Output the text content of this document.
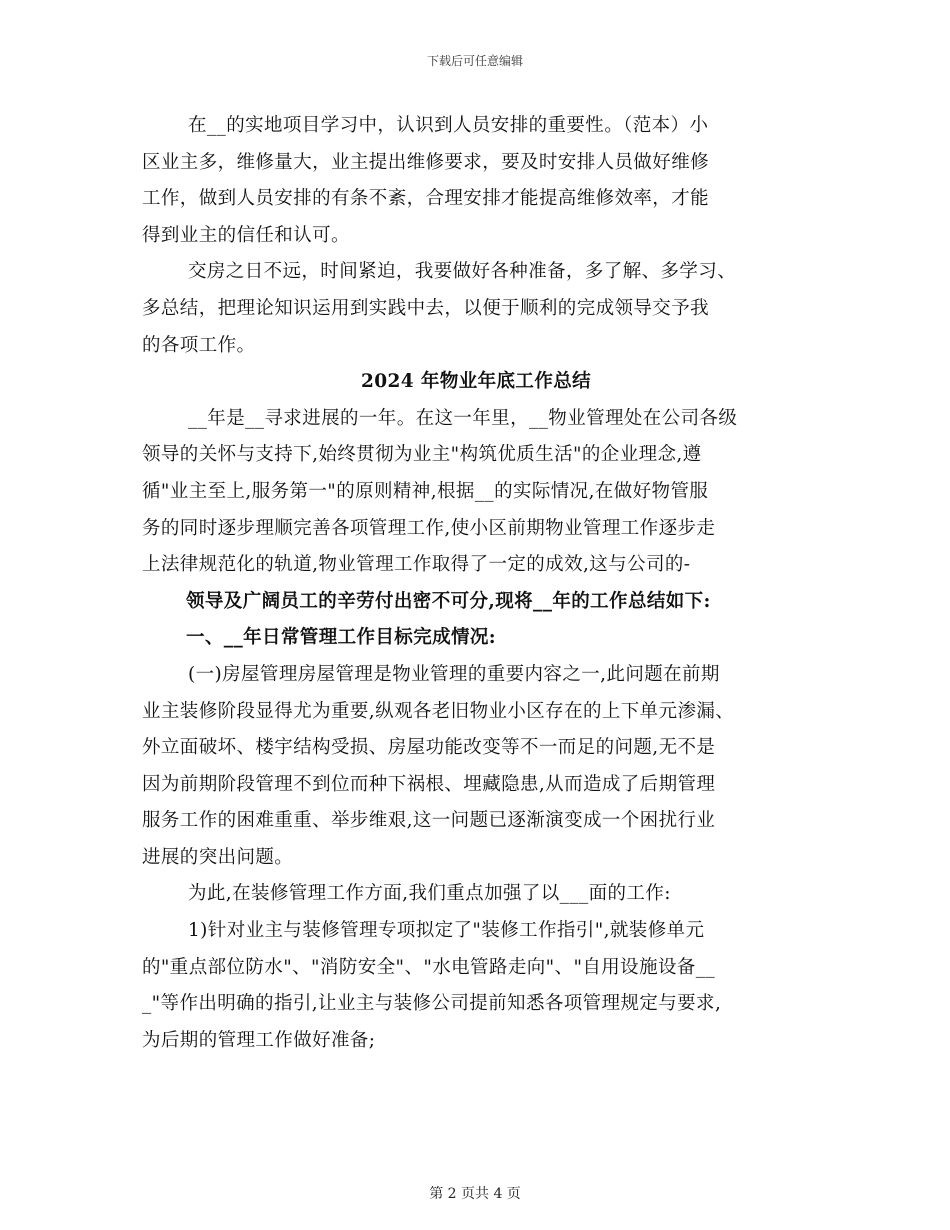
下载后可任意编辑
在__的实地项目学习中，认识到人员安排的重要性。（范本）小
区业主多，维修量大，业主提出维修要求，要及时安排人员做好维修
工作，做到人员安排的有条不紊，合理安排才能提高维修效率，才能
得到业主的信任和认可。
交房之日不远，时间紧迫，我要做好各种准备，多了解、多学习、
多总结，把理论知识运用到实践中去，以便于顺利的完成领导交予我
的各项工作。
2024 年物业年底工作总结
__年是__寻求进展的一年。在这一年里，__物业管理处在公司各级
领导的关怀与支持下,始终贯彻为业主"构筑优质生活"的企业理念,遵
循"业主至上,服务第一"的原则精神,根据__的实际情况,在做好物管服
务的同时逐步理顺完善各项管理工作,使小区前期物业管理工作逐步走
上法律规范化的轨道,物业管理工作取得了一定的成效,这与公司的-
领导及广阔员工的辛劳付出密不可分,现将__年的工作总结如下:
一、__年日常管理工作目标完成情况:
(一)房屋管理房屋管理是物业管理的重要内容之一,此问题在前期
业主装修阶段显得尤为重要,纵观各老旧物业小区存在的上下单元渗漏、
外立面破坏、楼宇结构受损、房屋功能改变等不一而足的问题,无不是
因为前期阶段管理不到位而种下祸根、埋藏隐患,从而造成了后期管理
服务工作的困难重重、举步维艰,这一问题已逐渐演变成一个困扰行业
进展的突出问题。
为此,在装修管理工作方面,我们重点加强了以___面的工作:
1)针对业主与装修管理专项拟定了"装修工作指引",就装修单元
的"重点部位防水"、"消防安全"、"水电管路走向"、"自用设施设备__
_"等作出明确的指引,让业主与装修公司提前知悉各项管理规定与要求,
为后期的管理工作做好准备;
第 2 页共 4 页
